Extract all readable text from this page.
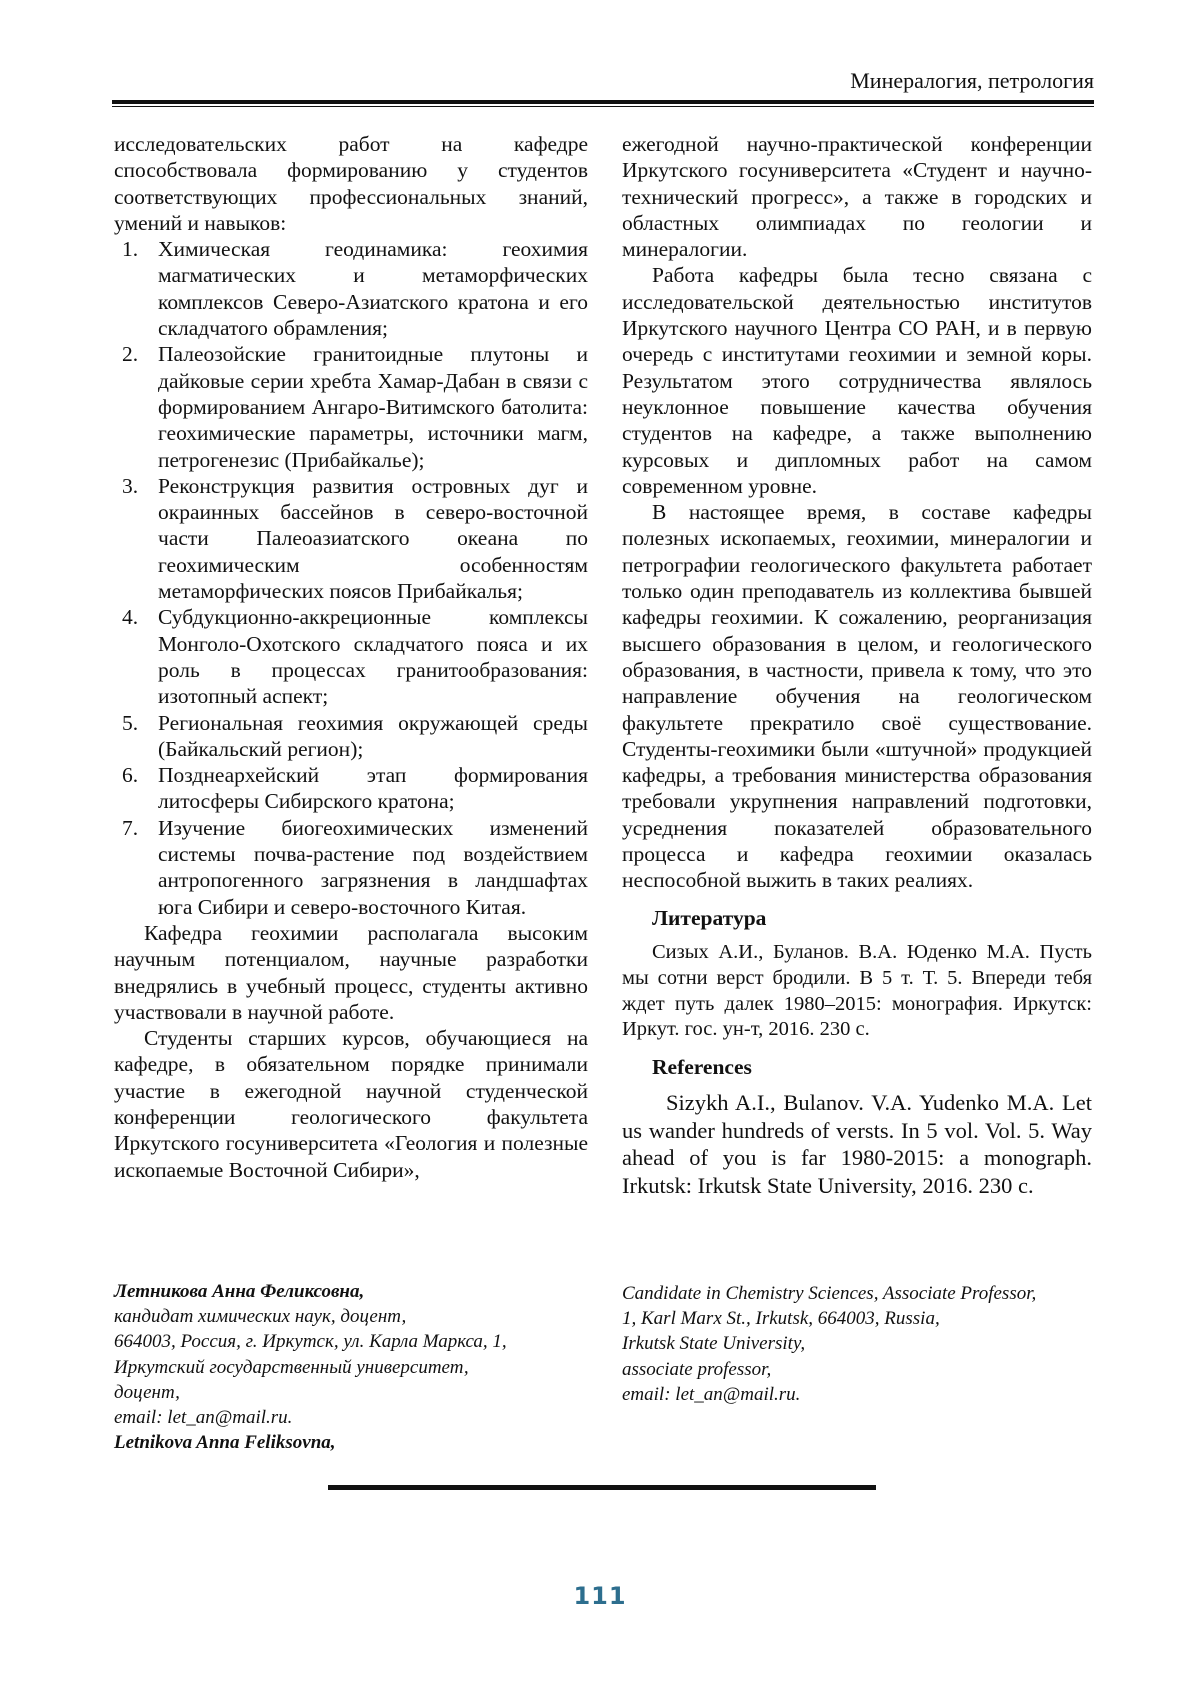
Минералогия, петрология

исследовательских работ на кафедре способствовала формированию у студентов соответствующих профессиональных знаний, умений и навыков:

1. Химическая геодинамика: геохимия магматических и метаморфических комплексов Северо-Азиатского кратона и его складчатого обрамления;
2. Палеозойские гранитоидные плутоны и дайковые серии хребта Хамар-Дабан в связи с формированием Ангаро-Витимского батолита: геохимические параметры, источники магм, петрогенезис (Прибайкалье);
3. Реконструкция развития островных дуг и окраинных бассейнов в северо-восточной части Палеоазиатского океана по геохимическим особенностям метаморфических поясов Прибайкалья;
4. Субдукционно-аккреционные комплексы Монголо-Охотского складчатого пояса и их роль в процессах гранитообразования: изотопный аспект;
5. Региональная геохимия окружающей среды (Байкальский регион);
6. Позднеархейский этап формирования литосферы Сибирского кратона;
7. Изучение биогеохимических изменений системы почва-растение под воздействием антропогенного загрязнения в ландшафтах юга Сибири и северо-восточного Китая.

Кафедра геохимии располагала высоким научным потенциалом, научные разработки внедрялись в учебный процесс, студенты активно участвовали в научной работе.

Студенты старших курсов, обучающиеся на кафедре, в обязательном порядке принимали участие в ежегодной научной студенческой конференции геологического факультета Иркутского госуниверситета «Геология и полезные ископаемые Восточной Сибири»,

ежегодной научно-практической конференции Иркутского госуниверситета «Студент и научно-технический прогресс», а также в городских и областных олимпиадах по геологии и минералогии.

Работа кафедры была тесно связана с исследовательской деятельностью институтов Иркутского научного Центра СО РАН, и в первую очередь с институтами геохимии и земной коры. Результатом этого сотрудничества являлось неуклонное повышение качества обучения студентов на кафедре, а также выполнению курсовых и дипломных работ на самом современном уровне.

В настоящее время, в составе кафедры полезных ископаемых, геохимии, минералогии и петрографии геологического факультета работает только один преподаватель из коллектива бывшей кафедры геохимии. К сожалению, реорганизация высшего образования в целом, и геологического образования, в частности, привела к тому, что это направление обучения на геологическом факультете прекратило своё существование. Студенты-геохимики были «штучной» продукцией кафедры, а требования министерства образования требовали укрупнения направлений подготовки, усреднения показателей образовательного процесса и кафедра геохимии оказалась неспособной выжить в таких реалиях.

Литература

Сизых А.И., Буланов. В.А. Юденко М.А. Пусть мы сотни верст бродили. В 5 т. Т. 5. Впереди тебя ждет путь далек 1980–2015: монография. Иркутск: Иркут. гос. ун-т, 2016. 230 с.

References

Sizykh A.I., Bulanov. V.A. Yudenko M.A. Let us wander hundreds of versts. In 5 vol. Vol. 5. Way ahead of you is far 1980-2015: a monograph. Irkutsk: Irkutsk State University, 2016. 230 c.

Летникова Анна Феликсовна,
кандидат химических наук, доцент,
664003, Россия, г. Иркутск, ул. Карла Маркса, 1,
Иркутский государственный университет,
доцент,
email: let_an@mail.ru.
Letnikova Anna Feliksovna,
Candidate in Chemistry Sciences, Associate Professor,
1, Karl Marx St., Irkutsk, 664003, Russia,
Irkutsk State University,
associate professor,
email: let_an@mail.ru.
111
